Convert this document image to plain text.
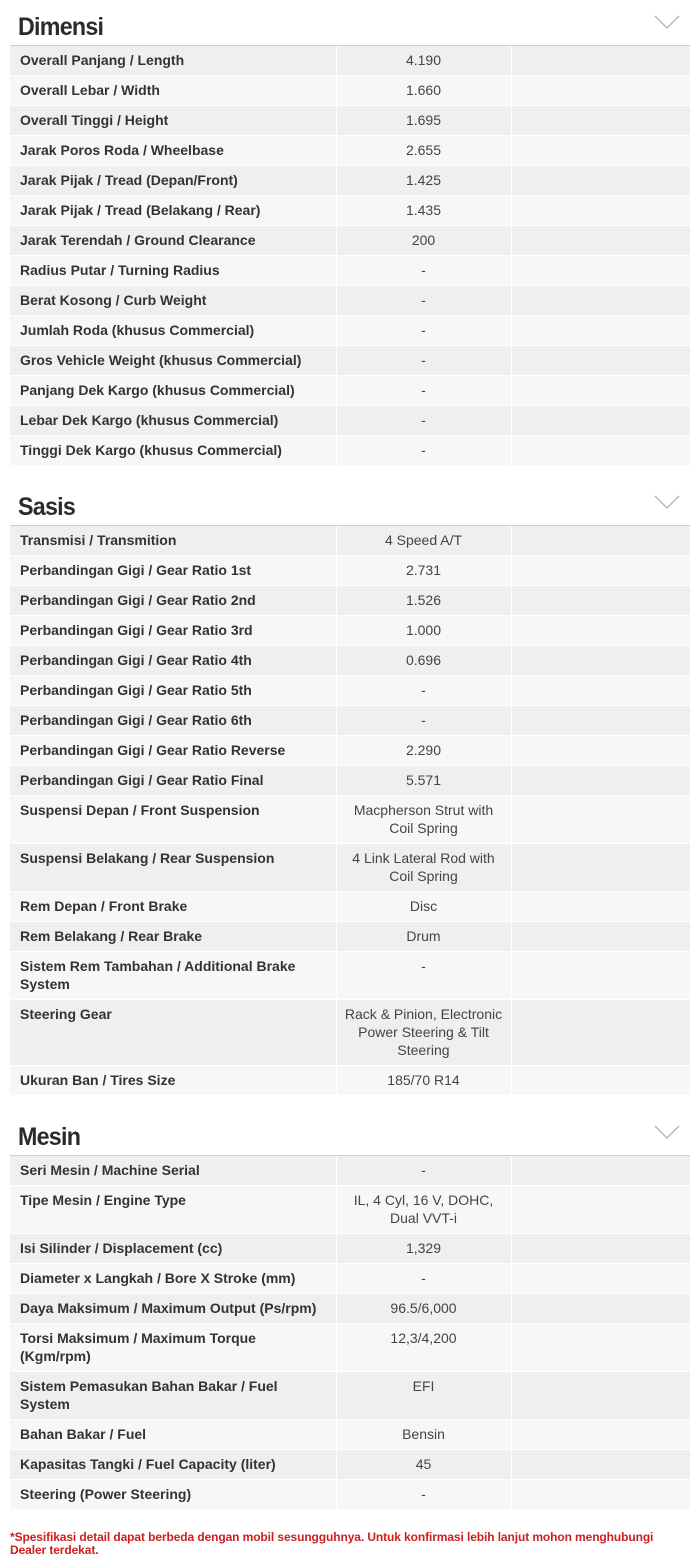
Dimensi
Overall Panjang / Length	4.190	
Overall Lebar / Width	1.660	
Overall Tinggi / Height	1.695	
Jarak Poros Roda / Wheelbase	2.655	
Jarak Pijak / Tread (Depan/Front)	1.425	
Jarak Pijak / Tread (Belakang / Rear)	1.435	
Jarak Terendah / Ground Clearance	200	
Radius Putar / Turning Radius	-	
Berat Kosong / Curb Weight	-	
Jumlah Roda (khusus Commercial)	-	
Gros Vehicle Weight (khusus Commercial)	-	
Panjang Dek Kargo (khusus Commercial)	-	
Lebar Dek Kargo (khusus Commercial)	-	
Tinggi Dek Kargo (khusus Commercial)	-	
Sasis
Transmisi / Transmition	4 Speed A/T	
Perbandingan Gigi / Gear Ratio 1st	2.731	
Perbandingan Gigi / Gear Ratio 2nd	1.526	
Perbandingan Gigi / Gear Ratio 3rd	1.000	
Perbandingan Gigi / Gear Ratio 4th	0.696	
Perbandingan Gigi / Gear Ratio 5th	-	
Perbandingan Gigi / Gear Ratio 6th	-	
Perbandingan Gigi / Gear Ratio Reverse	2.290	
Perbandingan Gigi / Gear Ratio Final	5.571	
Suspensi Depan / Front Suspension	Macpherson Strut with Coil Spring	
Suspensi Belakang / Rear Suspension	4 Link Lateral Rod with Coil Spring	
Rem Depan / Front Brake	Disc	
Rem Belakang / Rear Brake	Drum	
Sistem Rem Tambahan / Additional Brake System	-	
Steering Gear	Rack & Pinion, Electronic Power Steering & Tilt Steering	
Ukuran Ban / Tires Size	185/70 R14	
Mesin
Seri Mesin / Machine Serial	-	
Tipe Mesin / Engine Type	IL, 4 Cyl, 16 V, DOHC, Dual VVT-i	
Isi Silinder / Displacement (cc)	1,329	
Diameter x Langkah / Bore X Stroke (mm)	-	
Daya Maksimum / Maximum Output (Ps/rpm)	96.5/6,000	
Torsi Maksimum / Maximum Torque (Kgm/rpm)	12,3/4,200	
Sistem Pemasukan Bahan Bakar / Fuel System	EFI	
Bahan Bakar / Fuel	Bensin	
Kapasitas Tangki / Fuel Capacity (liter)	45	
Steering (Power Steering)	-	

*Spesifikasi detail dapat berbeda dengan mobil sesungguhnya. Untuk konfirmasi lebih lanjut mohon menghubungi Dealer terdekat.
